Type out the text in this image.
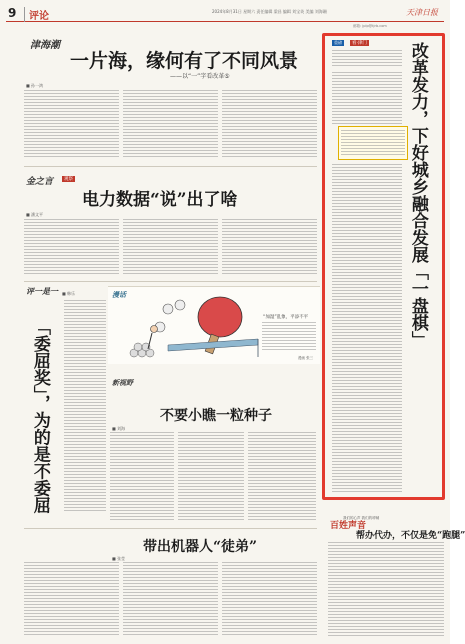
9	评论	2024年8月31日 星期六 责任编辑 梁昌 编辑 刘宝英 美编 刘海珊	天津日报
邮箱: jplp@tjrb.com
津海潮
一片海，缘何有了不同风景
——以“一”字看改革⑤
■ 孙一鸿
金之言	观察
电力数据“说”出了啥
■ 潘文平
评一是一 ■ 韩乐
「委屈奖」，为的是不委屈
漫话
“加湿”乱象，平添不平
漫画 张三
新视野
不要小瞧一粒种子
■ 刘海
带出机器人“徒弟”
■ 张莹
重磅	看·津门 改革发力，下好城乡融合发展「一盘棋」
百姓声音
我们的心声 我们的呼喊
帮办代办，不仅是免“跑腿”
